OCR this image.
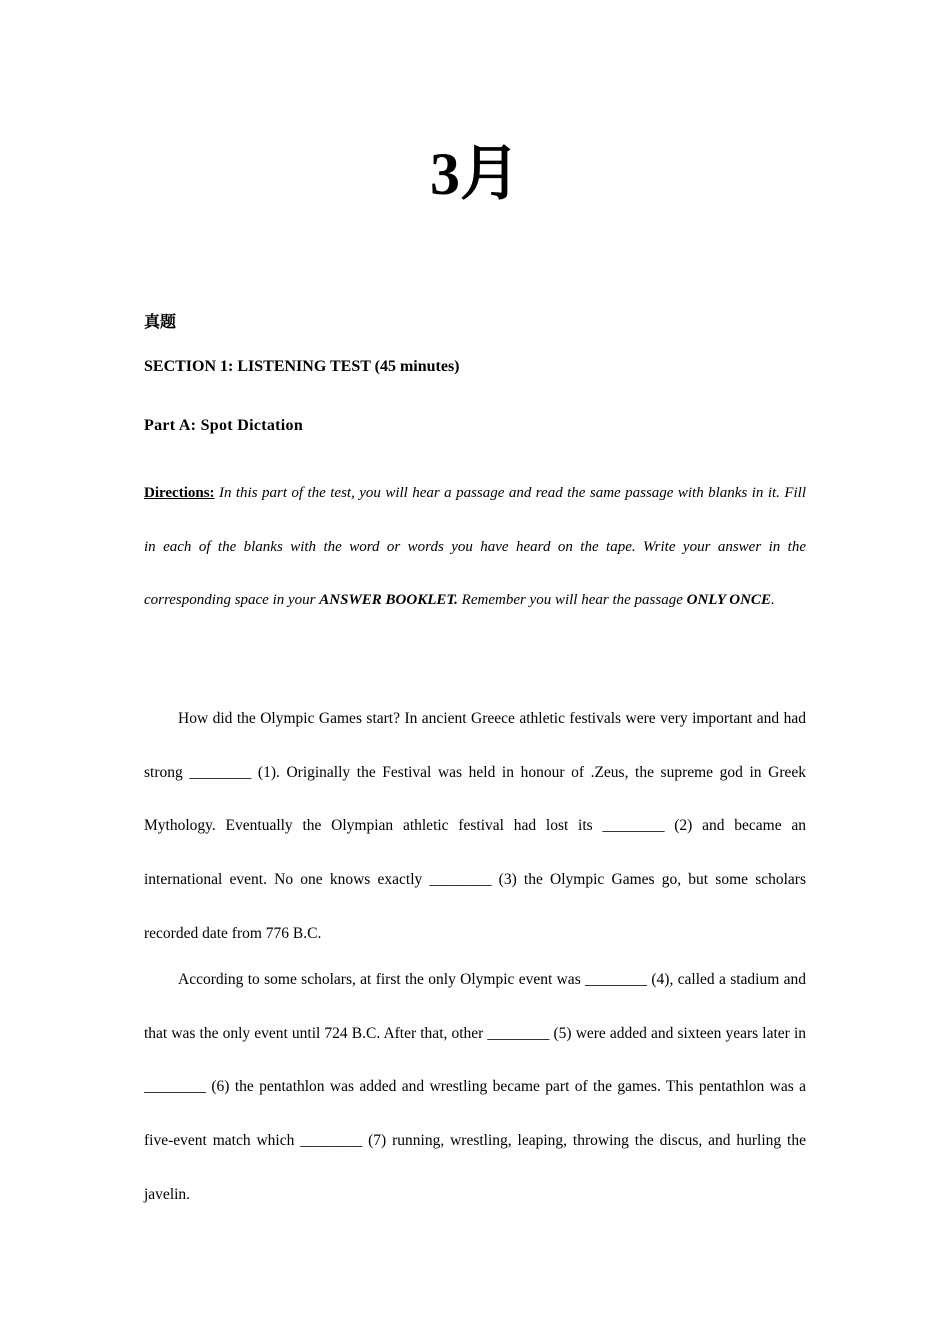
3月
真题
SECTION 1: LISTENING TEST (45 minutes)
Part A: Spot Dictation
Directions: In this part of the test, you will hear a passage and read the same passage with blanks in it. Fill in each of the blanks with the word or words you have heard on the tape. Write your answer in the corresponding space in your ANSWER BOOKLET. Remember you will hear the passage ONLY ONCE.

How did the Olympic Games start? In ancient Greece athletic festivals were very important and had strong ________ (1). Originally the Festival was held in honour of .Zeus, the supreme god in Greek Mythology. Eventually the Olympian athletic festival had lost its ________ (2) and became an international event. No one knows exactly ________ (3) the Olympic Games go, but some scholars recorded date from 776 B.C.

According to some scholars, at first the only Olympic event was ________ (4), called a stadium and that was the only event until 724 B.C. After that, other ________ (5) were added and sixteen years later in ________ (6) the pentathlon was added and wrestling became part of the games. This pentathlon was a five-event match which ________ (7) running, wrestling, leaping, throwing the discus, and hurling the javelin.
